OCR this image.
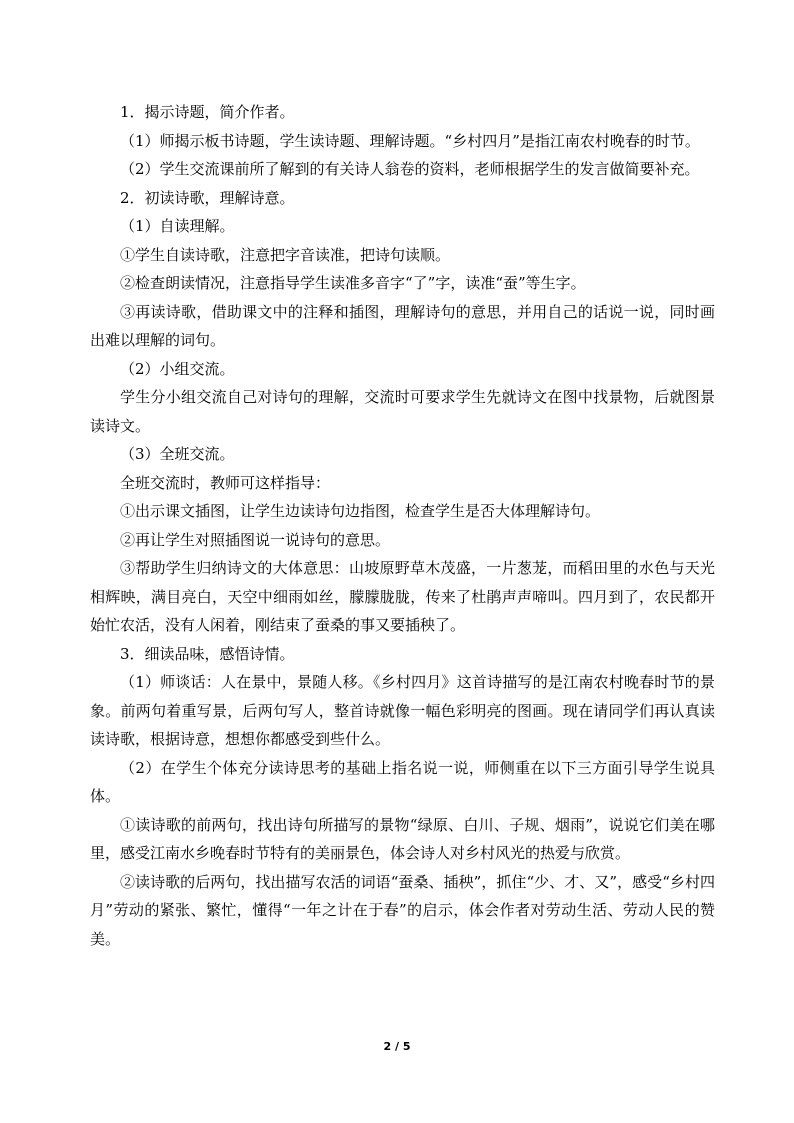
1．揭示诗题，简介作者。

（1）师揭示板书诗题，学生读诗题、理解诗题。“乡村四月”是指江南农村晚春的时节。

（2）学生交流课前所了解到的有关诗人翁卷的资料，老师根据学生的发言做简要补充。

2．初读诗歌，理解诗意。

（1）自读理解。

①学生自读诗歌，注意把字音读准，把诗句读顺。

②检查朗读情况，注意指导学生读准多音字“了”字，读准“蚕”等生字。

③再读诗歌，借助课文中的注释和插图，理解诗句的意思，并用自己的话说一说，同时画出难以理解的词句。

（2）小组交流。

学生分小组交流自己对诗句的理解，交流时可要求学生先就诗文在图中找景物，后就图景读诗文。

（3）全班交流。

全班交流时，教师可这样指导：

①出示课文插图，让学生边读诗句边指图，检查学生是否大体理解诗句。

②再让学生对照插图说一说诗句的意思。

③帮助学生归纳诗文的大体意思：山坡原野草木茂盛，一片葱茏，而稻田里的水色与天光相辉映，满目亮白，天空中细雨如丝，朦朦胧胧，传来了杜鹃声声啼叫。四月到了，农民都开始忙农活，没有人闲着，刚结束了蚕桑的事又要插秧了。

3．细读品味，感悟诗情。

（1）师谈话：人在景中，景随人移。《乡村四月》这首诗描写的是江南农村晚春时节的景象。前两句着重写景，后两句写人，整首诗就像一幅色彩明亮的图画。现在请同学们再认真读读诗歌，根据诗意，想想你都感受到些什么。

（2）在学生个体充分读诗思考的基础上指名说一说，师侧重在以下三方面引导学生说具体。

①读诗歌的前两句，找出诗句所描写的景物“绿原、白川、子规、烟雨”，说说它们美在哪里，感受江南水乡晚春时节特有的美丽景色，体会诗人对乡村风光的热爱与欣赏。

②读诗歌的后两句，找出描写农活的词语“蚕桑、插秧”，抓住“少、才、又”，感受“乡村四月”劳动的紧张、繁忙，懂得“一年之计在于春”的启示，体会作者对劳动生活、劳动人民的赞美。

2 / 5
